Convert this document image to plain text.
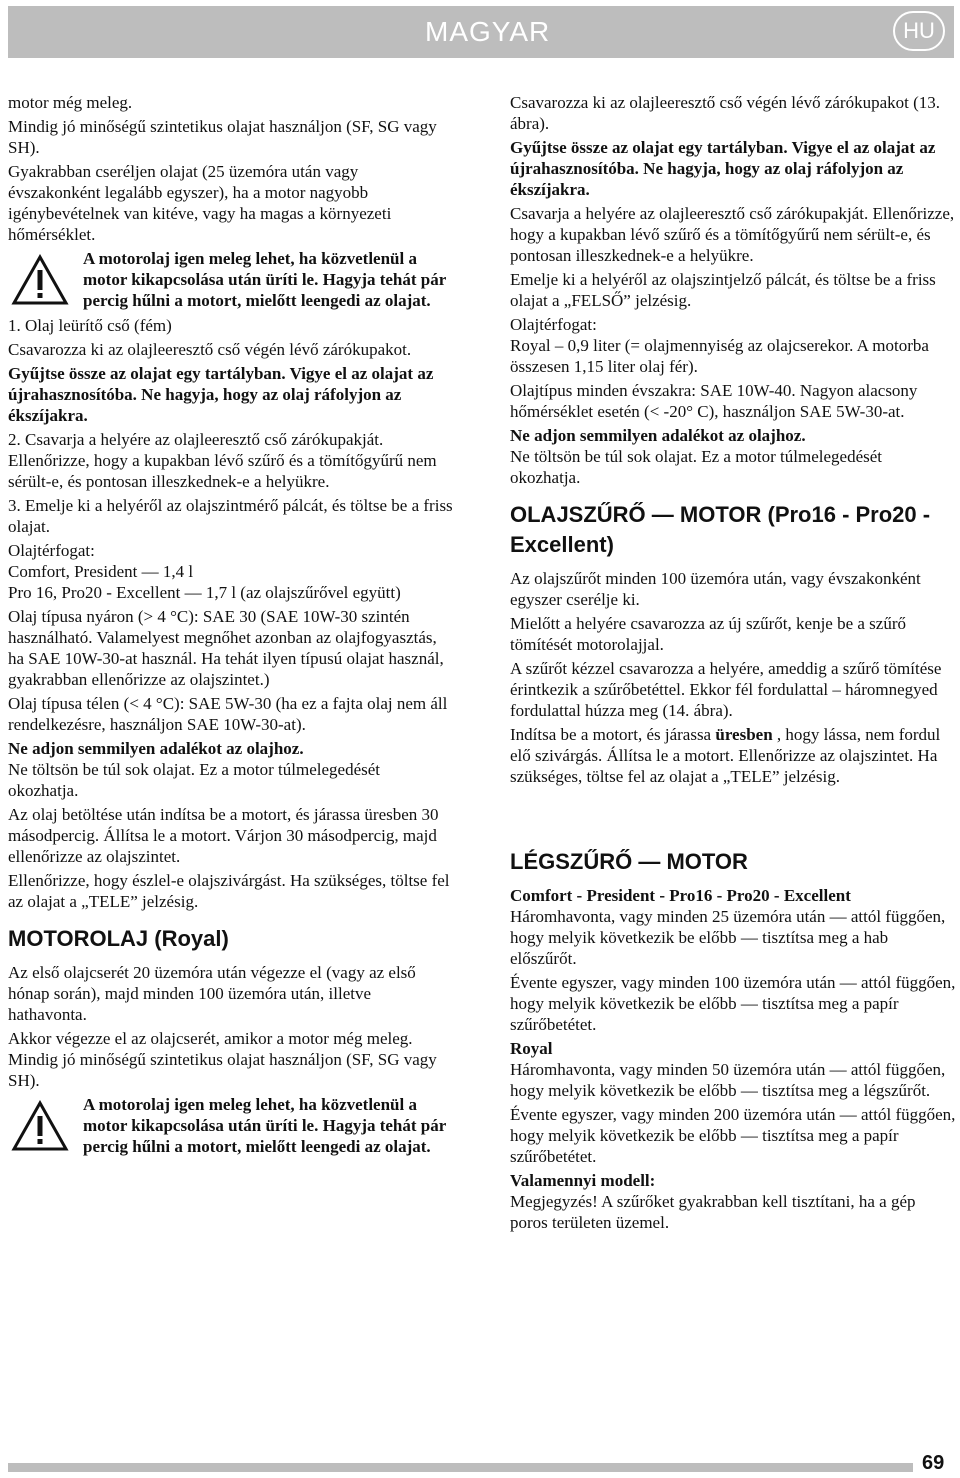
MAGYAR	HU

motor még meleg.

Mindig jó minőségű szintetikus olajat használjon (SF, SG vagy SH).

Gyakrabban cseréljen olajat (25 üzemóra után vagy évszakonként legalább egyszer), ha a motor nagyobb igénybevételnek van kitéve, vagy ha magas a környezeti hőmérséklet.

A motorolaj igen meleg lehet, ha közvetlenül a motor kikapcsolása után üríti le. Hagyja tehát pár percig hűlni a motort, mielőtt leengedi az olajat.

1. Olaj leürítő cső (fém)

Csavarozza ki az olajleeresztő cső végén lévő zárókupakot.

Gyűjtse össze az olajat egy tartályban. Vigye el az olajat az újrahasznosítóba. Ne hagyja, hogy az olaj ráfolyjon az ékszíjakra.

2. Csavarja a helyére az olajleeresztő cső zárókupakját. Ellenőrizze, hogy a kupakban lévő szűrő és a tömítőgyűrű nem sérült-e, és pontosan illeszkednek-e a helyükre.

3. Emelje ki a helyéről az olajszintmérő pálcát, és töltse be a friss olajat.

Olajtérfogat:

Comfort, President — 1,4 l

Pro 16, Pro20 - Excellent — 1,7 l (az olajszűrővel együtt)

Olaj típusa nyáron (> 4 °C): SAE 30 (SAE 10W-30 szintén használható. Valamelyest megnőhet azonban az olajfogyasztás, ha SAE 10W-30-at használ. Ha tehát ilyen típusú olajat használ, gyakrabban ellenőrizze az olajszintet.)

Olaj típusa télen (< 4 °C): SAE 5W-30 (ha ez a fajta olaj nem áll rendelkezésre, használjon SAE 10W-30-at).

Ne adjon semmilyen adalékot az olajhoz.

Ne töltsön be túl sok olajat. Ez a motor túlmelegedését okozhatja.

Az olaj betöltése után indítsa be a motort, és járassa üresben 30 másodpercig. Állítsa le a motort. Várjon 30 másodpercig, majd ellenőrizze az olajszintet.

Ellenőrizze, hogy észlel-e olajszivárgást. Ha szükséges, töltse fel az olajat a „TELE” jelzésig.

MOTOROLAJ (Royal)

Az első olajcserét 20 üzemóra után végezze el (vagy az első hónap során), majd minden 100 üzemóra után, illetve hathavonta.

Akkor végezze el az olajcserét, amikor a motor még meleg. Mindig jó minőségű szintetikus olajat használjon (SF, SG vagy SH).

A motorolaj igen meleg lehet, ha közvetlenül a motor kikapcsolása után üríti le. Hagyja tehát pár percig hűlni a motort, mielőtt leengedi az olajat.

Csavarozza ki az olajleeresztő cső végén lévő zárókupakot (13. ábra).

Gyűjtse össze az olajat egy tartályban. Vigye el az olajat az újrahasznosítóba. Ne hagyja, hogy az olaj ráfolyjon az ékszíjakra.

Csavarja a helyére az olajleeresztő cső zárókupakját. Ellenőrizze, hogy a kupakban lévő szűrő és a tömítőgyűrű nem sérült-e, és pontosan illeszkednek-e a helyükre.

Emelje ki a helyéről az olajszintjelző pálcát, és töltse be a friss olajat a „FELSŐ” jelzésig.

Olajtérfogat:

Royal – 0,9 liter (= olajmennyiség az olajcserekor. A motorba összesen 1,15 liter olaj fér).

Olajtípus minden évszakra: SAE 10W-40. Nagyon alacsony hőmérséklet esetén (< -20° C), használjon SAE 5W-30-at.

Ne adjon semmilyen adalékot az olajhoz.

Ne töltsön be túl sok olajat. Ez a motor túlmelegedését okozhatja.

OLAJSZŰRŐ — MOTOR (Pro16 - Pro20 - Excellent)

Az olajszűrőt minden 100 üzemóra után, vagy évszakonként egyszer cserélje ki.

Mielőtt a helyére csavarozza az új szűrőt, kenje be a szűrő tömítését motorolajjal.

A szűrőt kézzel csavarozza a helyére, ameddig a szűrő tömítése érintkezik a szűrőbetéttel. Ekkor fél fordulattal – háromnegyed fordulattal húzza meg (14. ábra).

Indítsa be a motort, és járassa üresben , hogy lássa, nem fordul elő szivárgás. Állítsa le a motort. Ellenőrizze az olajszintet. Ha szükséges, töltse fel az olajat a „TELE” jelzésig.

LÉGSZŰRŐ — MOTOR

Comfort - President - Pro16 - Pro20 - Excellent

Háromhavonta, vagy minden 25 üzemóra után — attól függően, hogy melyik következik be előbb — tisztítsa meg a hab előszűrőt.

Évente egyszer, vagy minden 100 üzemóra után — attól függően, hogy melyik következik be előbb — tisztítsa meg a papír szűrőbetétet.

Royal

Háromhavonta, vagy minden 50 üzemóra után — attól függően, hogy melyik következik be előbb — tisztítsa meg a légszűrőt.

Évente egyszer, vagy minden 200 üzemóra után — attól függően, hogy melyik következik be előbb — tisztítsa meg a papír szűrőbetétet.

Valamennyi modell:

Megjegyzés! A szűrőket gyakrabban kell tisztítani, ha a gép poros területen üzemel.

69
